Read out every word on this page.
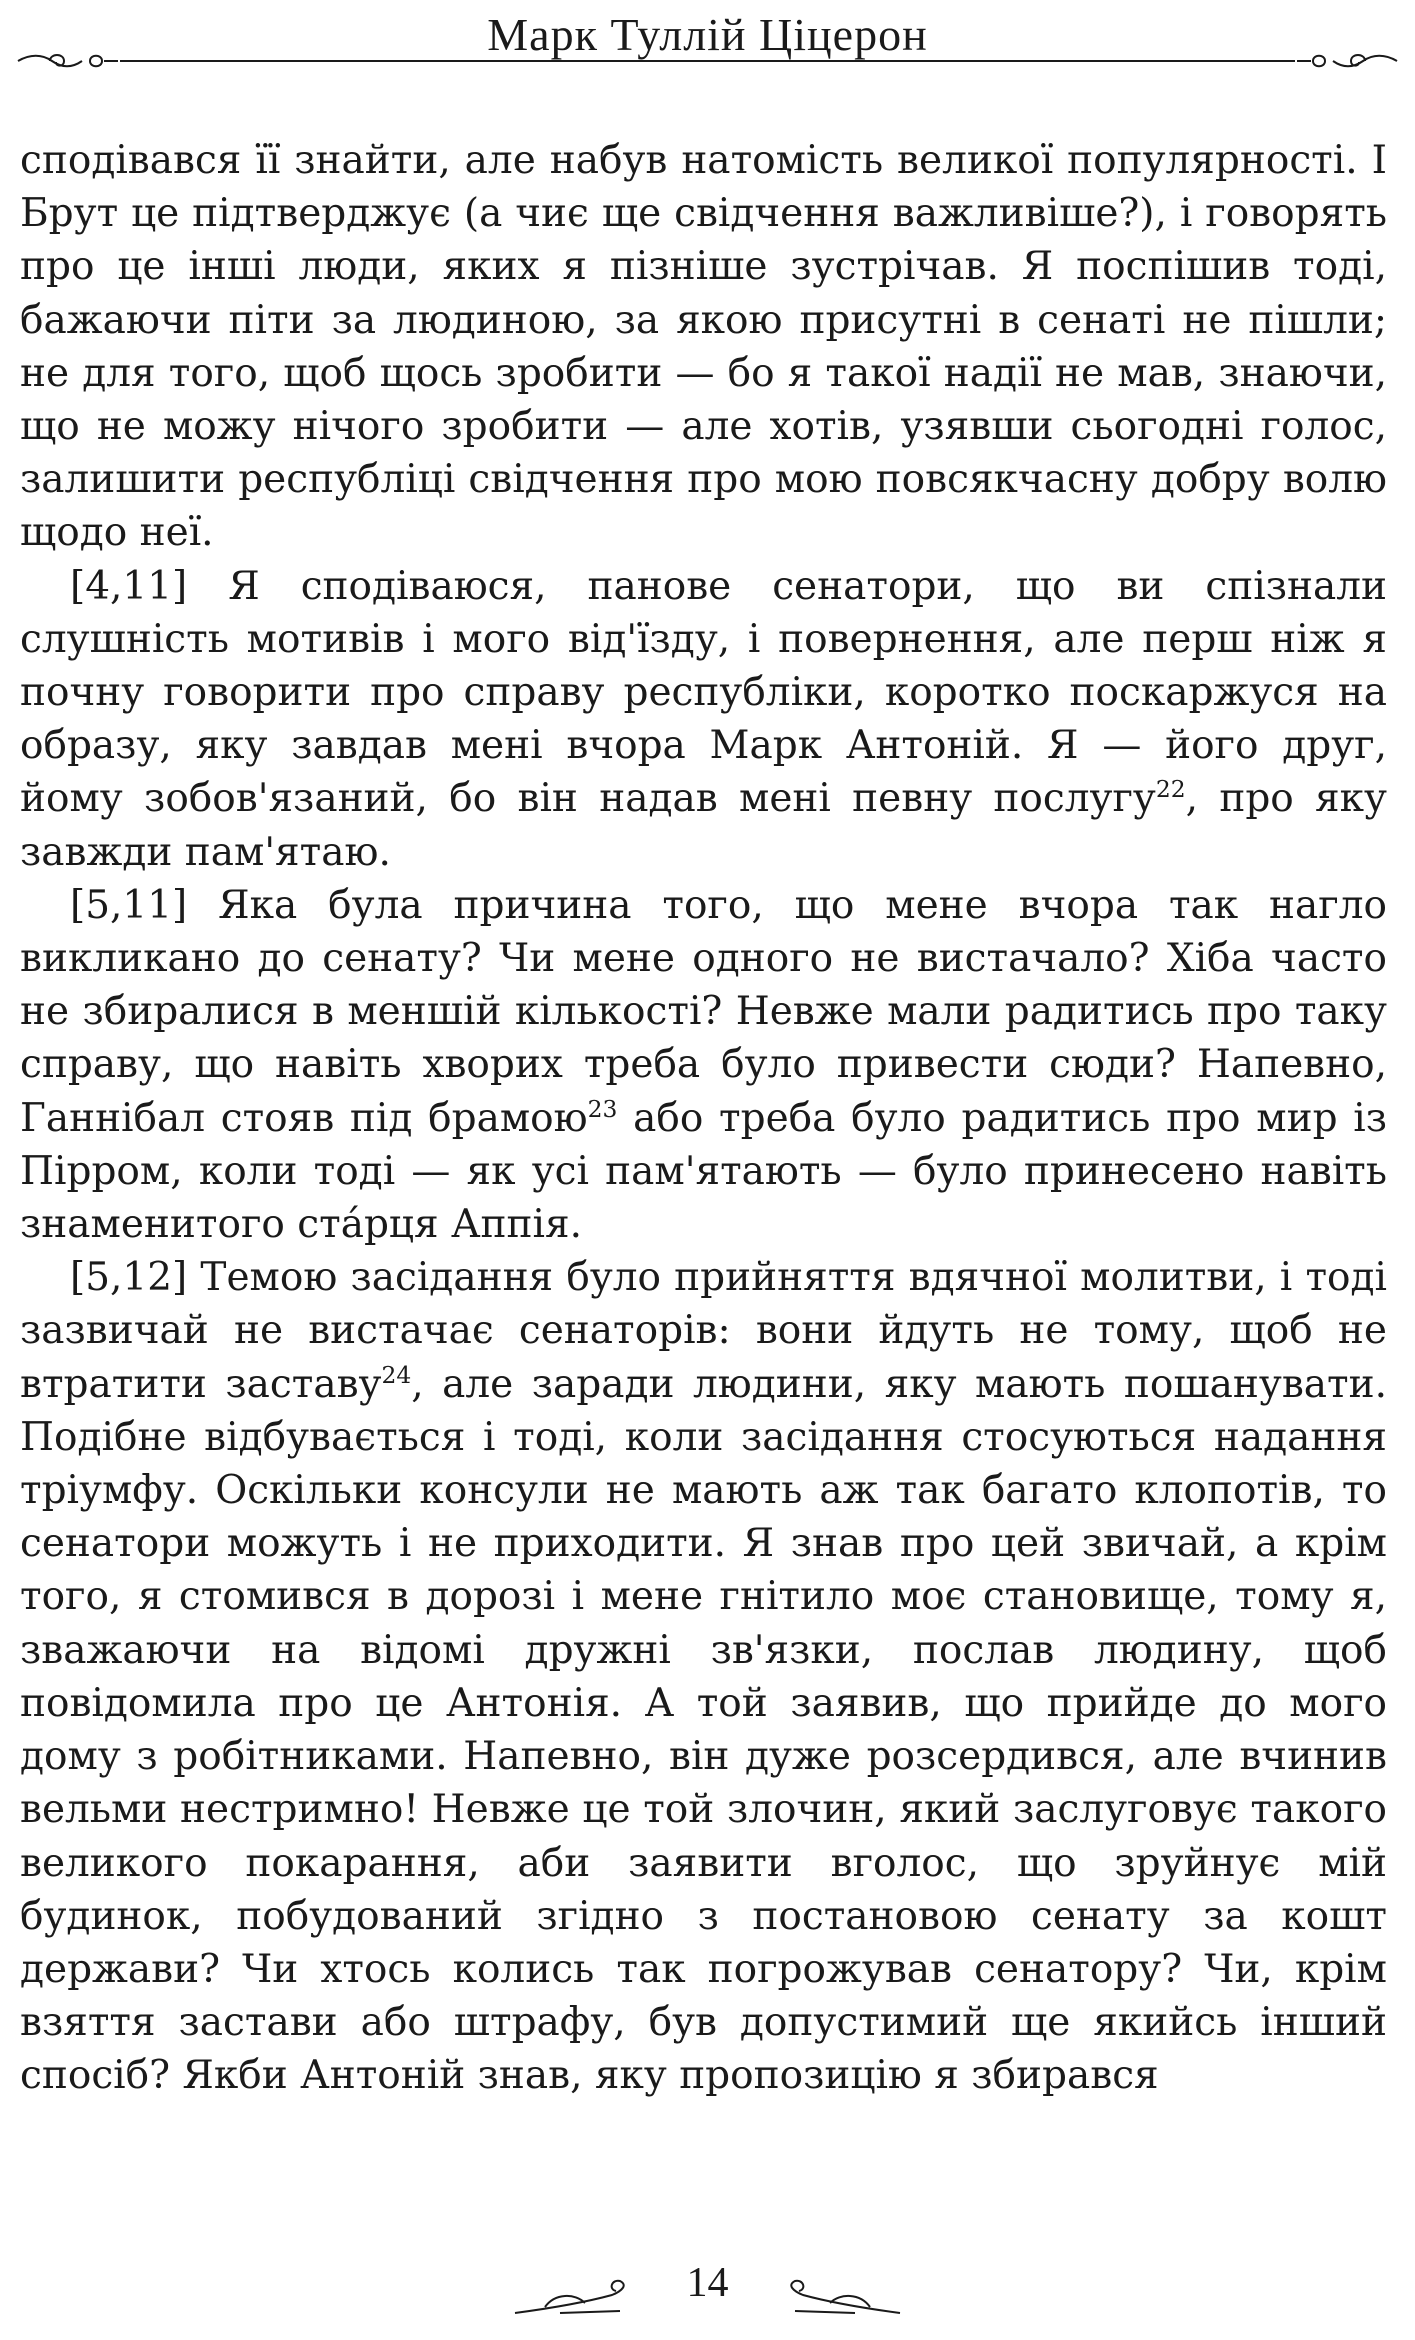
Марк Туллій Ціцерон

сподівався її знайти, але набув натомість великої популярності. І Брут це підтверджує (а чиє ще свідчення важливіше?), і говорять про це інші люди, яких я пізніше зустрічав. Я поспішив тоді, бажаючи піти за людиною, за якою присутні в сенаті не пішли; не для того, щоб щось зробити — бо я такої надії не мав, знаючи, що не можу нічого зробити — але хотів, узявши сьогодні голос, залишити республіці свідчення про мою повсякчасну добру волю щодо неї.

[4,11] Я сподіваюся, панове сенатори, що ви спізнали слушність мотивів і мого від'їзду, і повернення, але перш ніж я почну говорити про справу республіки, коротко поскаржуся на образу, яку завдав мені вчора Марк Антоній. Я — його друг, йому зобов'язаний, бо він надав мені певну послугу$^{22}$, про яку завжди пам'ятаю.

[5,11] Яка була причина того, що мене вчора так нагло викликано до сенату? Чи мене одного не вистачало? Хіба часто не збиралися в меншій кількості? Невже мали радитись про таку справу, що навіть хворих треба було привести сюди? Напевно, Ганнібал стояв під брамою$^{23}$ або треба було радитись про мир із Пірром, коли тоді — як усі пам'ятають — було принесено навіть знаменитого стáрця Аппія.

[5,12] Темою засідання було прийняття вдячної молитви, і тоді зазвичай не вистачає сенаторів: вони йдуть не тому, щоб не втратити заставу$^{24}$, але заради людини, яку мають пошанувати. Подібне відбувається і тоді, коли засідання стосуються надання тріумфу. Оскільки консули не мають аж так багато клопотів, то сенатори можуть і не приходити. Я знав про цей звичай, а крім того, я стомився в дорозі і мене гнітило моє становище, тому я, зважаючи на відомі дружні зв'язки, послав людину, щоб повідомила про це Антонія. А той заявив, що прийде до мого дому з робітниками. Напевно, він дуже розсердився, але вчинив вельми нестримно! Невже це той злочин, який заслуговує такого великого покарання, аби заявити вголос, що зруйнує мій будинок, побудований згідно з постановою сенату за кошт держави? Чи хтось колись так погрожував сенатору? Чи, крім взяття застави або штрафу, був допустимий ще якийсь інший спосіб? Якби Антоній знав, яку пропозицію я збирався

14
